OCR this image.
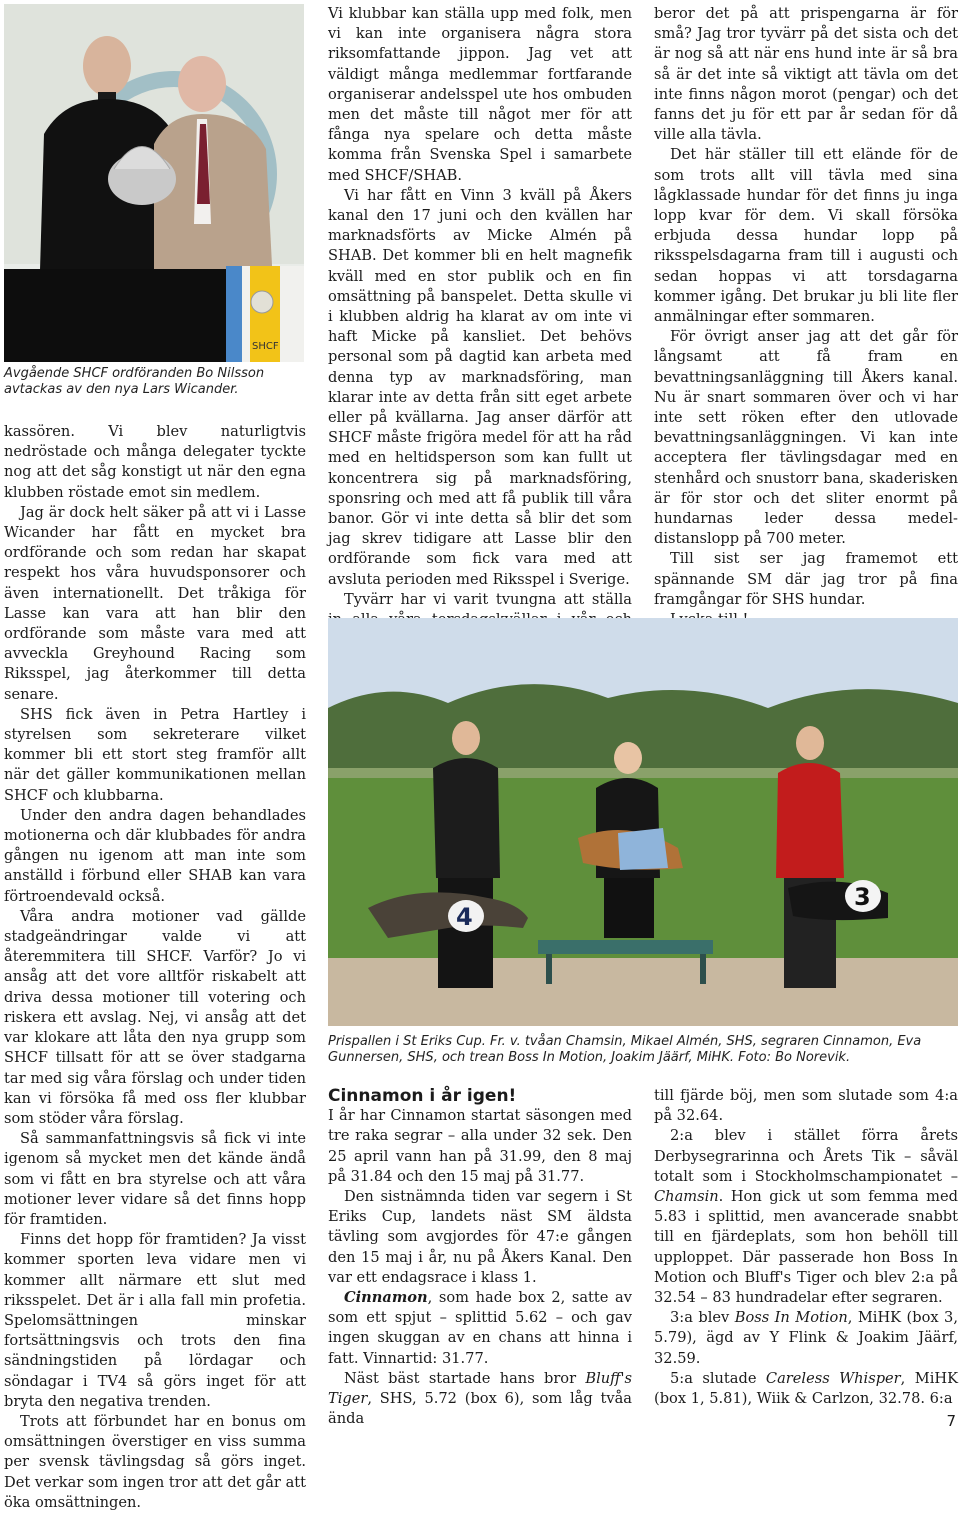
SHCF
Avgående SHCF ordföranden Bo Nilsson avtackas av den nya Lars Wicander.

kassören. Vi blev naturligtvis nedröstade och många delegater tyckte nog att det såg konstigt ut när den egna klubben röstade emot sin medlem.

Jag är dock helt säker på att vi i Lasse Wicander har fått en mycket bra ordförande och som redan har skapat respekt hos våra huvudsponsorer och även internationellt. Det tråkiga för Lasse kan vara att han blir den ordförande som måste vara med att avveckla Greyhound Racing som Riksspel, jag återkommer till detta senare.

SHS fick även in Petra Hartley i styrelsen som sekreterare vilket kommer bli ett stort steg framför allt när det gäller kommunikationen mellan SHCF och klubbarna.

Under den andra dagen behandlades motionerna och där klubbades för andra gången nu igenom att man inte som anställd i förbund eller SHAB kan vara förtroendevald också.

Våra andra motioner vad gällde stadgeändringar valde vi att återemmitera till SHCF. Varför? Jo vi ansåg att det vore alltför riskabelt att driva dessa motioner till votering och riskera ett avslag. Nej, vi ansåg att det var klokare att låta den nya grupp som SHCF tillsatt för att se över stadgarna tar med sig våra förslag och under tiden kan vi försöka få med oss fler klubbar som stöder våra förslag.

Så sammanfattningsvis så fick vi inte igenom så mycket men det kände ändå som vi fått en bra styrelse och att våra motioner lever vidare så det finns hopp för framtiden.

Finns det hopp för framtiden? Ja visst kommer sporten leva vidare men vi kommer allt närmare ett slut med riksspelet. Det är i alla fall min profetia. Spelomsättningen minskar fortsättningsvis och trots den fina sändningstiden på lördagar och söndagar i TV4 så görs inget för att bryta den negativa trenden.

Trots att förbundet har en bonus om omsättningen överstiger en viss summa per svensk tävlingsdag så görs inget. Det verkar som ingen tror att det går att öka omsättningen.

Vi klubbar kan ställa upp med folk, men vi kan inte organisera några stora riksomfattande jippon. Jag vet att väldigt många medlemmar fortfarande organiserar andelsspel ute hos ombuden men det måste till något mer för att fånga nya spelare och detta måste komma från Svenska Spel i samarbete med SHCF/SHAB.

Vi har fått en Vinn 3 kväll på Åkers kanal den 17 juni och den kvällen har marknadsförts av Micke Almén på SHAB. Det kommer bli en helt magnefik kväll med en stor publik och en fin omsättning på banspelet. Detta skulle vi i klubben aldrig ha klarat av om inte vi haft Micke på kansliet. Det behövs personal som på dagtid kan arbeta med denna typ av marknadsföring, man klarar inte av detta från sitt eget arbete eller på kvällarna. Jag anser därför att SHCF måste frigöra medel för att ha råd med en heltidsperson som kan fullt ut koncentrera sig på marknadsföring, sponsring och med att få publik till våra banor. Gör vi inte detta så blir det som jag skrev tidigare att Lasse blir den ordförande som fick vara med att avsluta perioden med Riksspel i Sverige.

Tyvärr har vi varit tvungna att ställa

beror det på att prispengarna är för små? Jag tror tyvärr på det sista och det är nog så att när ens hund inte är så bra så är det inte så viktigt att tävla om det inte finns någon morot (pengar) och det fanns det ju för ett par år sedan för då ville alla tävla.

Det här ställer till ett elände för de som trots allt vill tävla med sina lågklassade hundar för det finns ju inga lopp kvar för dem. Vi skall försöka erbjuda dessa hundar lopp på riksspelsdagarna fram till i augusti och sedan hoppas vi att torsdagarna kommer igång. Det brukar ju bli lite fler anmälningar efter sommaren.

För övrigt anser jag att det går för långsamt att få fram en bevattningsanläggning till Åkers kanal. Nu är snart sommaren över och vi har inte sett röken efter den utlovade bevattningsanläggningen. Vi kan inte acceptera fler tävlingsdagar med en stenhård och snustorr bana, skaderisken är för stor och det sliter enormt på hundarnas leder dessa medel-distanslopp på 700 meter.

Till sist ser jag framemot ett spännande SM där jag tror på fina framgångar för SHS hundar.

4
3
Prispallen i St Eriks Cup. Fr. v. tvåan Chamsin, Mikael Almén, SHS, segraren Cinnamon, Eva Gunnersen, SHS, och trean Boss In Motion, Joakim Jäärf, MiHK. Foto: Bo Norevik.

Cinnamon i år igen!

I år har Cinnamon startat säsongen med tre raka segrar – alla under 32 sek. Den 25 april vann han på 31.99, den 8 maj på 31.84 och den 15 maj på 31.77.

Den sistnämnda tiden var segern i St Eriks Cup, landets näst SM äldsta tävling som avgjordes för 47:e gången den 15 maj i år, nu på Åkers Kanal. Den var ett endagsrace i klass 1.

Cinnamon, som hade box 2, satte av som ett spjut – splittid 5.62 – och gav ingen skuggan av en chans att hinna i fatt. Vinnartid: 31.77.

Näst bäst startade hans bror Bluff's Tiger, SHS, 5.72 (box 6), som låg tvåa ända

till fjärde böj, men som slutade som 4:a på 32.64.

2:a blev i stället förra årets Derbysegrarinna och Årets Tik – såväl totalt som i Stockholmschampionatet – Chamsin. Hon gick ut som femma med 5.83 i splittid, men avancerade snabbt till en fjärdeplats, som hon behöll till upploppet. Där passerade hon Boss In Motion och Bluff's Tiger och blev 2:a på 32.54 – 83 hundradelar efter segraren.

3:a blev Boss In Motion, MiHK (box 3, 5.79), ägd av Y Flink & Joakim Jäärf, 32.59.

5:a slutade Careless Whisper, MiHK (box 1, 5.81), Wiik & Carlzon, 32.78. 6:a

7
